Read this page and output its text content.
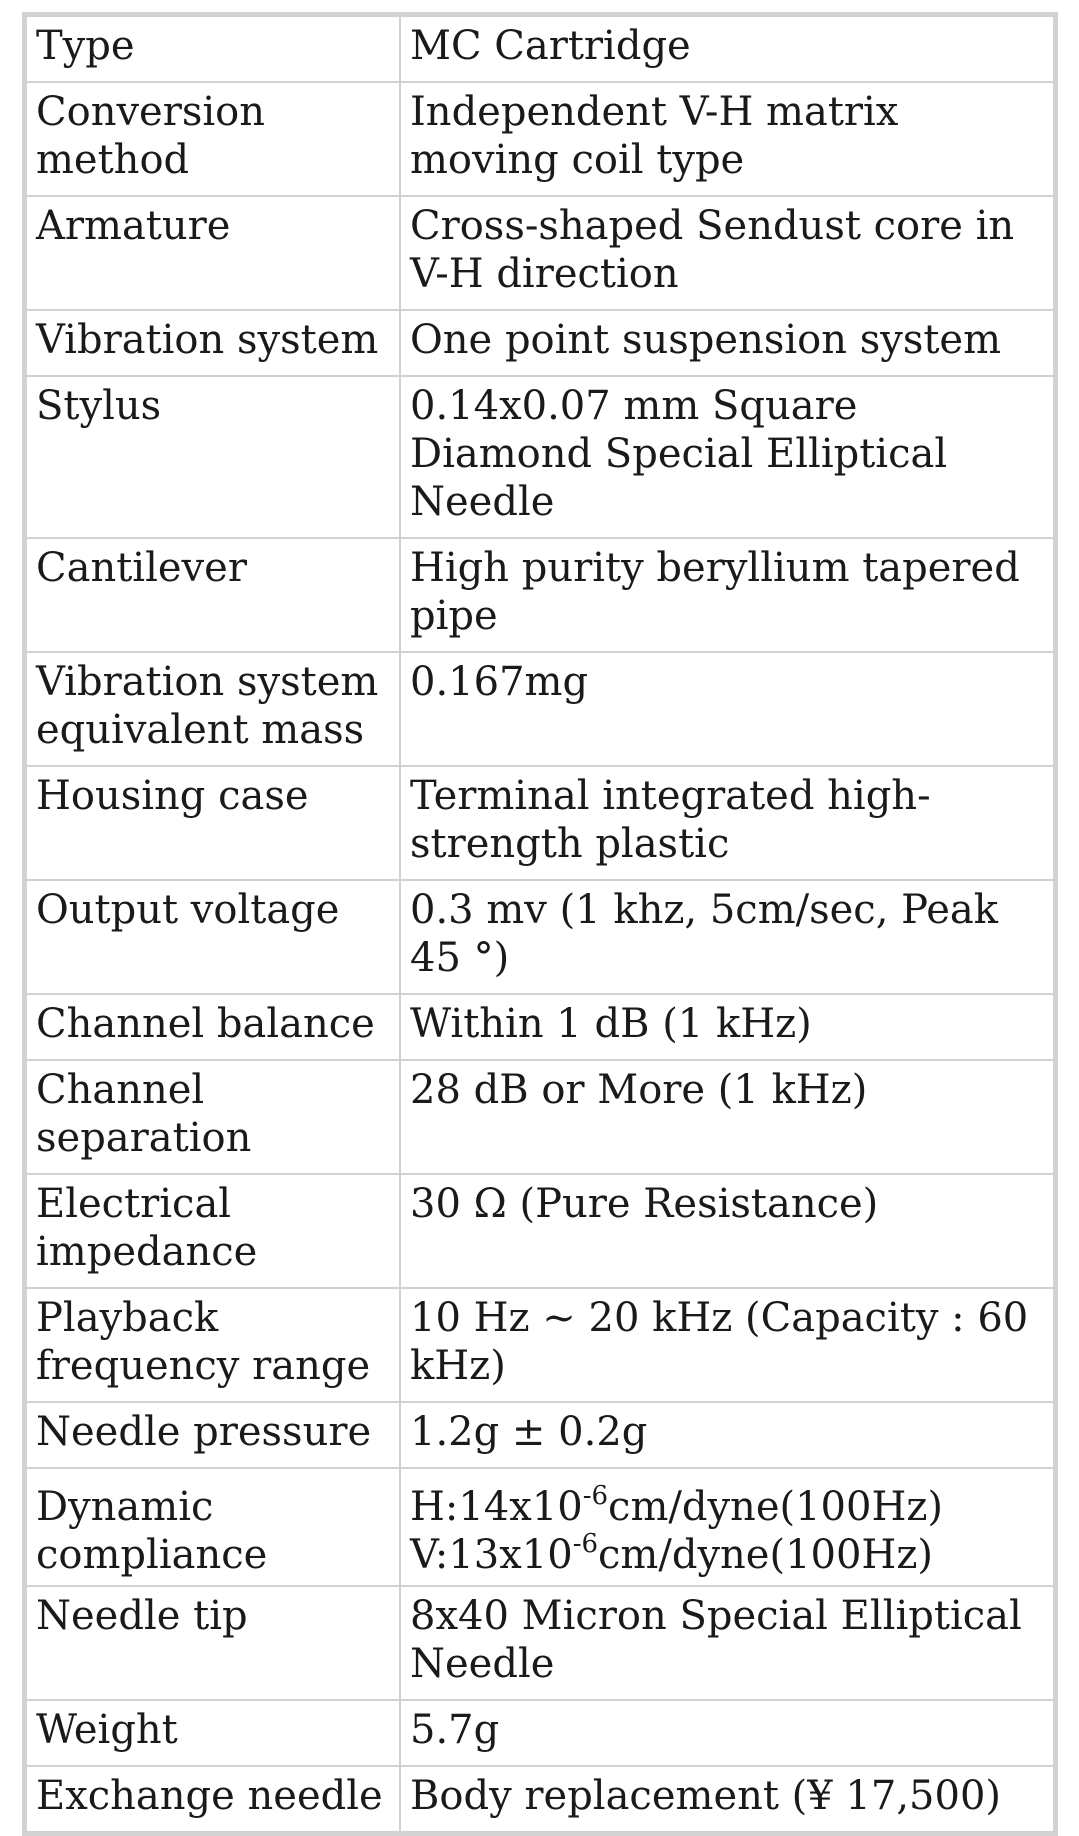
Type	MC Cartridge
Conversion method	Independent V-H matrix moving coil type
Armature	Cross-shaped Sendust core in V-H direction
Vibration system	One point suspension system
Stylus	0.14x0.07 mm Square Diamond Special Elliptical Needle
Cantilever	High purity beryllium tapered pipe
Vibration system equivalent mass	0.167mg
Housing case	Terminal integrated high-strength plastic
Output voltage	0.3 mv (1 khz, 5cm/sec, Peak 45 °)
Channel balance	Within 1 dB (1 kHz)
Channel separation	28 dB or More (1 kHz)
Electrical impedance	30 Ω (Pure Resistance)
Playback frequency range	10 Hz ~ 20 kHz (Capacity : 60 kHz)
Needle pressure	1.2g ± 0.2g
Dynamic compliance	$H:14x10^{-6}cm/dyne(100Hz)$
$V:13x10^{-6}cm/dyne(100Hz)$

Needle tip	8x40 Micron Special Elliptical Needle
Weight	5.7g
Exchange needle	Body replacement (¥ 17,500)
